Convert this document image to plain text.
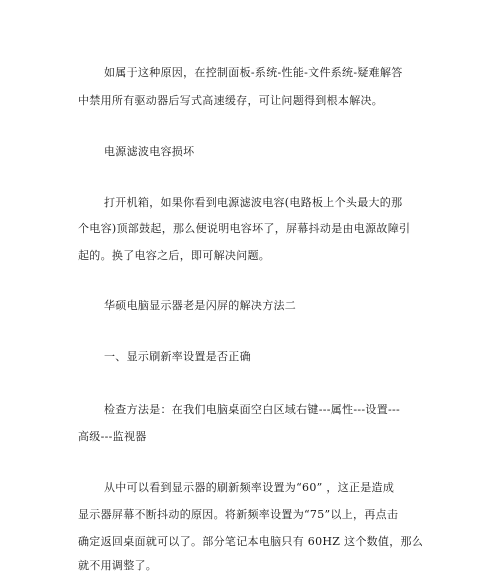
如属于这种原因，在控制面板-系统-性能-文件系统-疑难解答
中禁用所有驱动器后写式高速缓存，可让问题得到根本解决。
电源滤波电容损坏
打开机箱，如果你看到电源滤波电容(电路板上个头最大的那
个电容)顶部鼓起，那么便说明电容坏了，屏幕抖动是由电源故障引
起的。换了电容之后，即可解决问题。
华硕电脑显示器老是闪屏的解决方法二
一、显示刷新率设置是否正确
检查方法是：在我们电脑桌面空白区域右键---属性---设置---
高级---监视器
从中可以看到显示器的刷新频率设置为“60” ，这正是造成
显示器屏幕不断抖动的原因。将新频率设置为“75”以上，再点击
确定返回桌面就可以了。部分笔记本电脑只有 60HZ 这个数值，那么
就不用调整了。
